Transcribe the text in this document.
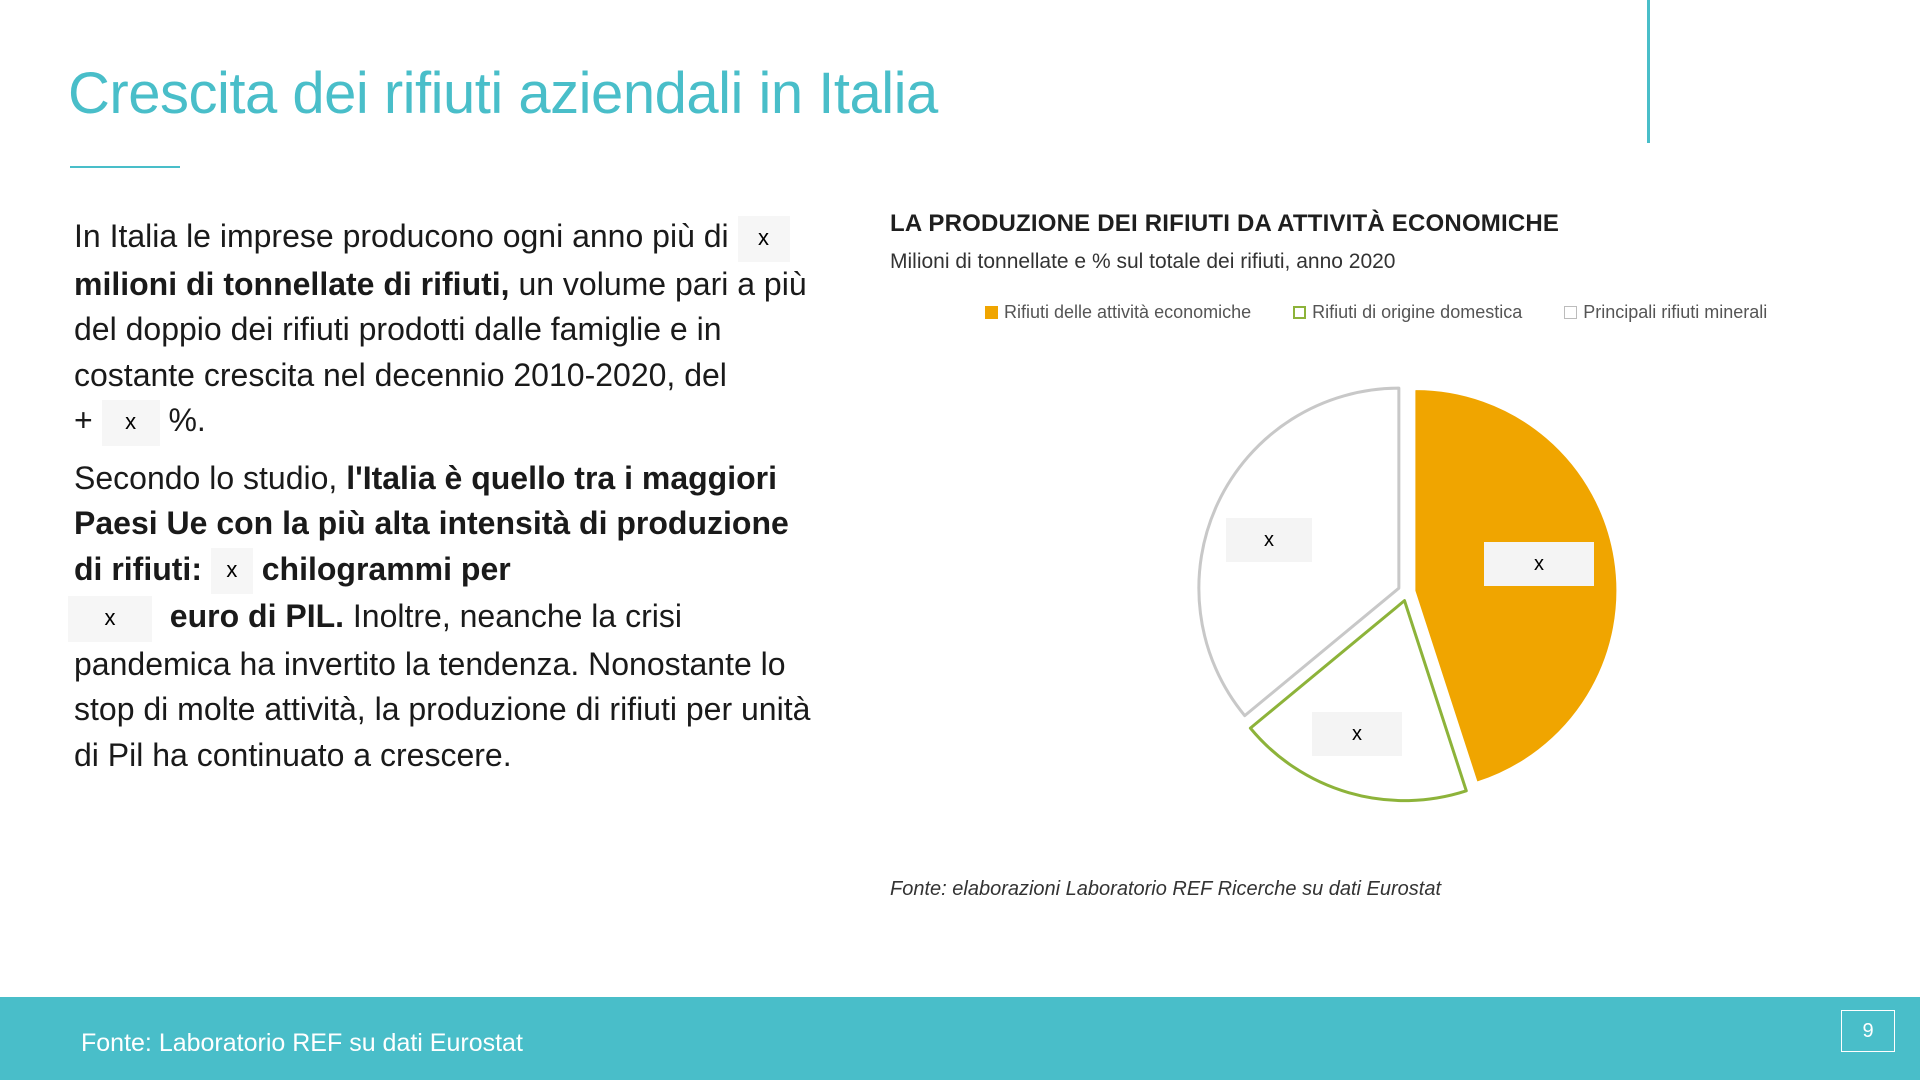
Crescita dei rifiuti aziendali in Italia

In Italia le imprese producono ogni anno più di x
milioni di tonnellate di rifiuti, un volume pari a più del doppio dei rifiuti prodotti dalle famiglie e in costante crescita nel decennio 2010-2020, del
+ x %.

Secondo lo studio, l'Italia è quello tra i maggiori Paesi Ue con la più alta intensità di produzione di rifiuti: x chilogrammi per
x euro di PIL. Inoltre, neanche la crisi pandemica ha invertito la tendenza. Nonostante lo stop di molte attività, la produzione di rifiuti per unità di Pil ha continuato a crescere.

LA PRODUZIONE DEI RIFIUTI DA ATTIVITÀ ECONOMICHE
Milioni di tonnellate e % sul totale dei rifiuti, anno 2020
Rifiuti delle attività economiche	Rifiuti di origine domestica	Principali rifiuti minerali
x
x
x
Fonte: elaborazioni Laboratorio REF Ricerche su dati Eurostat
Fonte: Laboratorio REF su dati Eurostat	9
